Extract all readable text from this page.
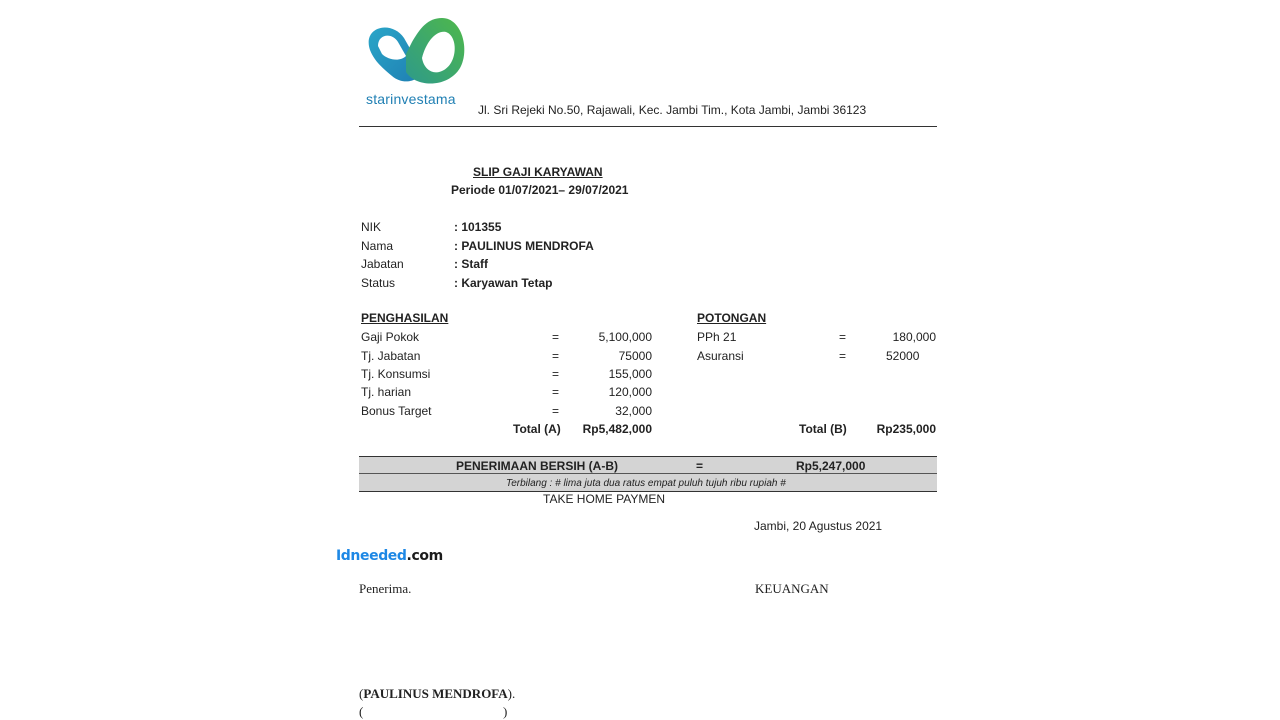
starinvestama
Jl. Sri Rejeki No.50, Rajawali, Kec. Jambi Tim., Kota Jambi, Jambi 36123
SLIP GAJI KARYAWAN
Periode 01/07/2021– 29/07/2021
NIK	: 101355
Nama	: PAULINUS MENDROFA
Jabatan	: Staff
Status	: Karyawan Tetap
PENGHASILAN
Gaji Pokok	=	5,100,000
Tj. Jabatan	=	75000
Tj. Konsumsi	=	155,000
Tj. harian	=	120,000
Bonus Target	=	32,000
Total (A)	Rp5,482,000
POTONGAN
PPh 21	=	180,000
Asuransi	=	52000
Total (B)	Rp235,000
PENERIMAAN BERSIH (A-B)	=	Rp5,247,000
Terbilang : # lima juta dua ratus empat puluh tujuh ribu rupiah #
TAKE HOME PAYMEN
Jambi, 20 Agustus 2021
Idneeded.com
Penerima.	KEUANGAN
(PAULINUS MENDROFA).
(	)
